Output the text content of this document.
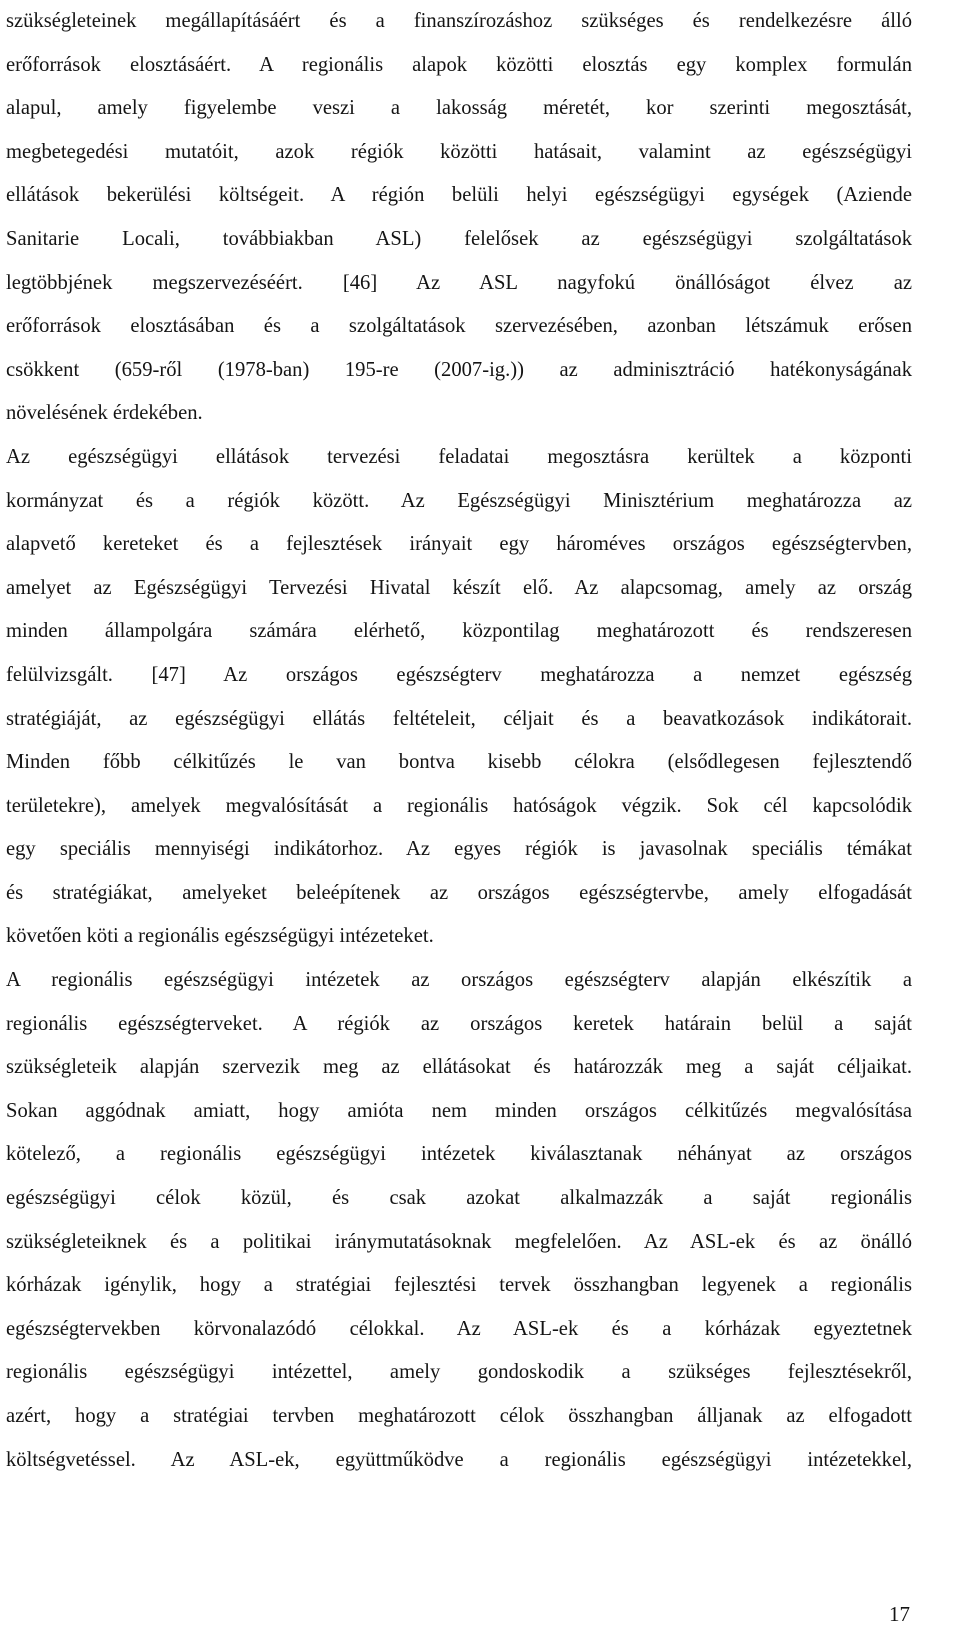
szükségleteinek megállapításáért és a finanszírozáshoz szükséges és rendelkezésre álló
erőforrások elosztásáért. A regionális alapok közötti elosztás egy komplex formulán
alapul, amely figyelembe veszi a lakosság méretét, kor szerinti megosztását,
megbetegedési mutatóit, azok régiók közötti hatásait, valamint az egészségügyi
ellátások bekerülési költségeit. A régión belüli helyi egészségügyi egységek (Aziende
Sanitarie Locali, továbbiakban ASL) felelősek az egészségügyi szolgáltatások
legtöbbjének megszervezéséért. [46] Az ASL nagyfokú önállóságot élvez az
erőforrások elosztásában és a szolgáltatások szervezésében, azonban létszámuk erősen
csökkent (659-ről (1978-ban) 195-re (2007-ig.)) az adminisztráció hatékonyságának
növelésének érdekében.
Az egészségügyi ellátások tervezési feladatai megosztásra kerültek a központi
kormányzat és a régiók között. Az Egészségügyi Minisztérium meghatározza az
alapvető kereteket és a fejlesztések irányait egy hároméves országos egészségtervben,
amelyet az Egészségügyi Tervezési Hivatal készít elő. Az alapcsomag, amely az ország
minden állampolgára számára elérhető, központilag meghatározott és rendszeresen
felülvizsgált. [47] Az országos egészségterv meghatározza a nemzet egészség
stratégiáját, az egészségügyi ellátás feltételeit, céljait és a beavatkozások indikátorait.
Minden főbb célkitűzés le van bontva kisebb célokra (elsődlegesen fejlesztendő
területekre), amelyek megvalósítását a regionális hatóságok végzik. Sok cél kapcsolódik
egy speciális mennyiségi indikátorhoz. Az egyes régiók is javasolnak speciális témákat
és stratégiákat, amelyeket beleépítenek az országos egészségtervbe, amely elfogadását
követően köti a regionális egészségügyi intézeteket.
A regionális egészségügyi intézetek az országos egészségterv alapján elkészítik a
regionális egészségterveket. A régiók az országos keretek határain belül a saját
szükségleteik alapján szervezik meg az ellátásokat és határozzák meg a saját céljaikat.
Sokan aggódnak amiatt, hogy amióta nem minden országos célkitűzés megvalósítása
kötelező, a regionális egészségügyi intézetek kiválasztanak néhányat az országos
egészségügyi célok közül, és csak azokat alkalmazzák a saját regionális
szükségleteiknek és a politikai iránymutatásoknak megfelelően. Az ASL-ek és az önálló
kórházak igénylik, hogy a stratégiai fejlesztési tervek összhangban legyenek a regionális
egészségtervekben körvonalazódó célokkal. Az ASL-ek és a kórházak egyeztetnek
regionális egészségügyi intézettel, amely gondoskodik a szükséges fejlesztésekről,
azért, hogy a stratégiai tervben meghatározott célok összhangban álljanak az elfogadott
költségvetéssel. Az ASL-ek, együttműködve a regionális egészségügyi intézetekkel,
17
